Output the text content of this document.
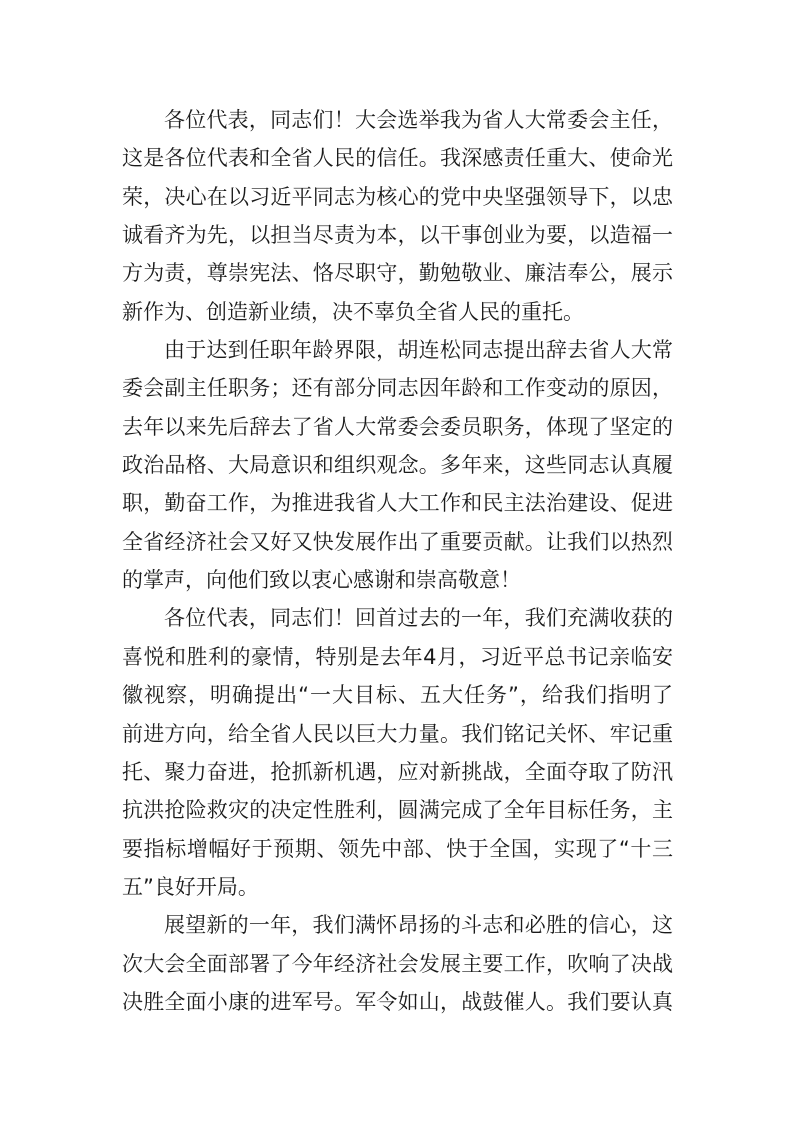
各位代表，同志们！大会选举我为省人大常委会主任，
这是各位代表和全省人民的信任。我深感责任重大、使命光
荣，决心在以习近平同志为核心的党中央坚强领导下，以忠
诚看齐为先，以担当尽责为本，以干事创业为要，以造福一
方为责，尊崇宪法、恪尽职守，勤勉敬业、廉洁奉公，展示
新作为、创造新业绩，决不辜负全省人民的重托。
由于达到任职年龄界限，胡连松同志提出辞去省人大常
委会副主任职务；还有部分同志因年龄和工作变动的原因，
去年以来先后辞去了省人大常委会委员职务，体现了坚定的
政治品格、大局意识和组织观念。多年来，这些同志认真履
职，勤奋工作，为推进我省人大工作和民主法治建设、促进
全省经济社会又好又快发展作出了重要贡献。让我们以热烈
的掌声，向他们致以衷心感谢和崇高敬意！
各位代表，同志们！回首过去的一年，我们充满收获的
喜悦和胜利的豪情，特别是去年4月，习近平总书记亲临安
徽视察，明确提出“一大目标、五大任务”，给我们指明了
前进方向，给全省人民以巨大力量。我们铭记关怀、牢记重
托、聚力奋进，抢抓新机遇，应对新挑战，全面夺取了防汛
抗洪抢险救灾的决定性胜利，圆满完成了全年目标任务，主
要指标增幅好于预期、领先中部、快于全国，实现了“十三
五”良好开局。
展望新的一年，我们满怀昂扬的斗志和必胜的信心，这
次大会全面部署了今年经济社会发展主要工作，吹响了决战
决胜全面小康的进军号。军令如山，战鼓催人。我们要认真
